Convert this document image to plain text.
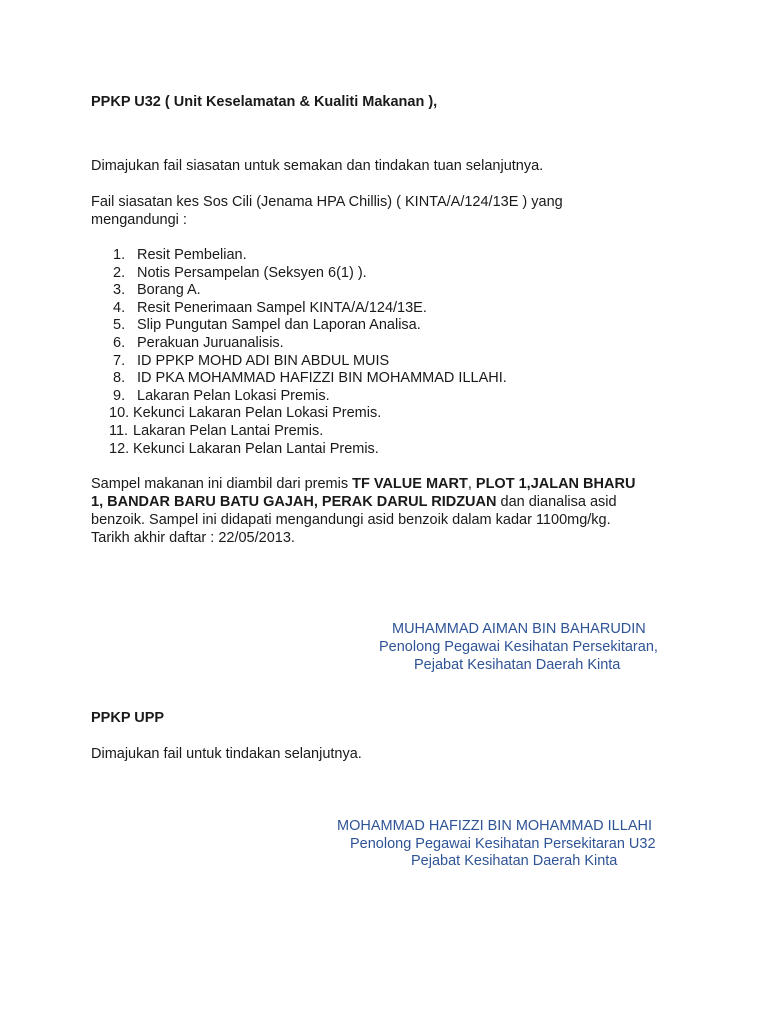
PPKP U32 ( Unit Keselamatan & Kualiti Makanan ),
Dimajukan fail siasatan untuk semakan dan tindakan tuan selanjutnya.
Fail siasatan kes Sos Cili (Jenama HPA Chillis) ( KINTA/A/124/13E ) yang
mengandungi :
1. Resit Pembelian.
2. Notis Persampelan (Seksyen 6(1) ).
3. Borang A.
4. Resit Penerimaan Sampel KINTA/A/124/13E.
5. Slip Pungutan Sampel dan Laporan Analisa.
6. Perakuan Juruanalisis.
7. ID PPKP MOHD ADI BIN ABDUL MUIS
8. ID PKA MOHAMMAD HAFIZZI BIN MOHAMMAD ILLAHI.
9. Lakaran Pelan Lokasi Premis.
10. Kekunci Lakaran Pelan Lokasi Premis.
11. Lakaran Pelan Lantai Premis.
12. Kekunci Lakaran Pelan Lantai Premis.
Sampel makanan ini diambil dari premis TF VALUE MART, PLOT 1,JALAN BHARU
1, BANDAR BARU BATU GAJAH, PERAK DARUL RIDZUAN dan dianalisa asid
benzoik. Sampel ini didapati mengandungi asid benzoik dalam kadar 1100mg/kg.
Tarikh akhir daftar : 22/05/2013.
MUHAMMAD AIMAN BIN BAHARUDIN
Penolong Pegawai Kesihatan Persekitaran,
Pejabat Kesihatan Daerah Kinta
PPKP UPP
Dimajukan fail untuk tindakan selanjutnya.
MOHAMMAD HAFIZZI BIN MOHAMMAD ILLAHI
Penolong Pegawai Kesihatan Persekitaran U32
Pejabat Kesihatan Daerah Kinta
